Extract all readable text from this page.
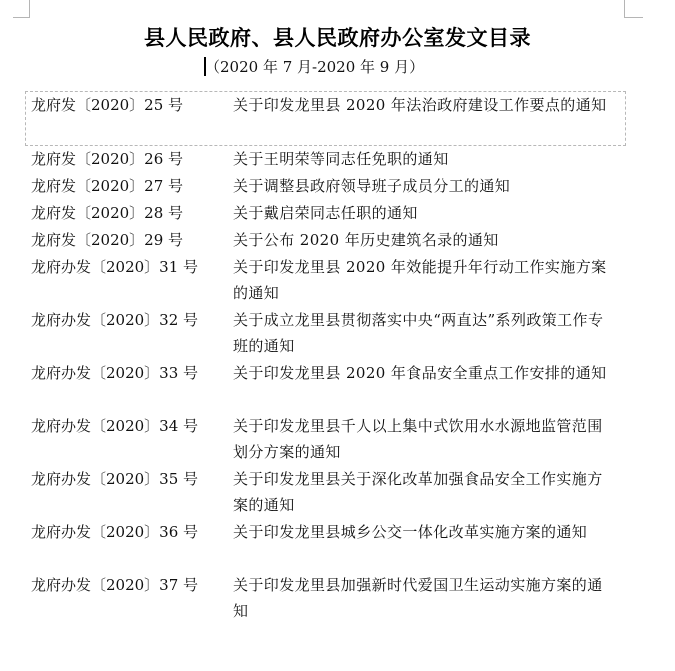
县人民政府、县人民政府办公室发文目录
（2020 年 7 月-2020 年 9 月）
龙府发〔2020〕25 号	关于印发龙里县 2020 年法治政府建设工作要点的通知
龙府发〔2020〕26 号	关于王明荣等同志任免职的通知
龙府发〔2020〕27 号	关于调整县政府领导班子成员分工的通知
龙府发〔2020〕28 号	关于戴启荣同志任职的通知
龙府发〔2020〕29 号	关于公布 2020 年历史建筑名录的通知
龙府办发〔2020〕31 号	关于印发龙里县 2020 年效能提升年行动工作实施方案的通知
龙府办发〔2020〕32 号	关于成立龙里县贯彻落实中央“两直达”系列政策工作专班的通知
龙府办发〔2020〕33 号	关于印发龙里县 2020 年食品安全重点工作安排的通知
龙府办发〔2020〕34 号	关于印发龙里县千人以上集中式饮用水水源地监管范围划分方案的通知
龙府办发〔2020〕35 号	关于印发龙里县关于深化改革加强食品安全工作实施方案的通知
龙府办发〔2020〕36 号	关于印发龙里县城乡公交一体化改革实施方案的通知
龙府办发〔2020〕37 号	关于印发龙里县加强新时代爱国卫生运动实施方案的通知
